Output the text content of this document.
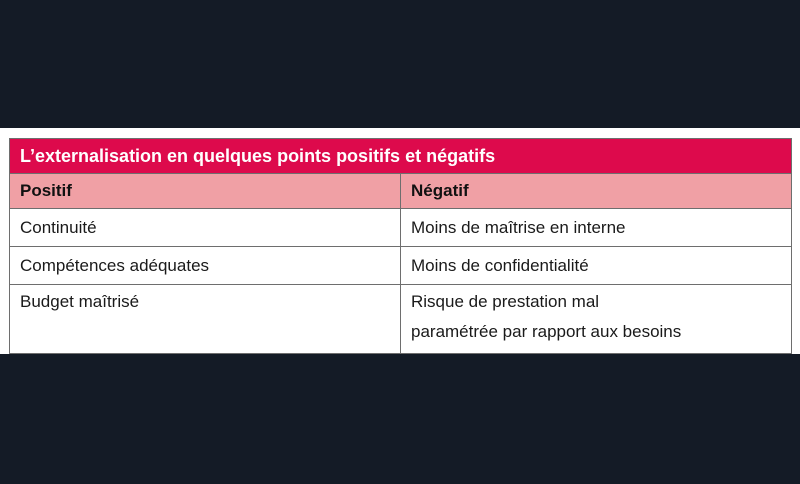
L’externalisation en quelques points positifs et négatifs
Positif	Négatif
Continuité	Moins de maîtrise en interne
Compétences adéquates	Moins de confidentialité
Budget maîtrisé	Risque de prestation mal
paramétrée par rapport aux besoins
